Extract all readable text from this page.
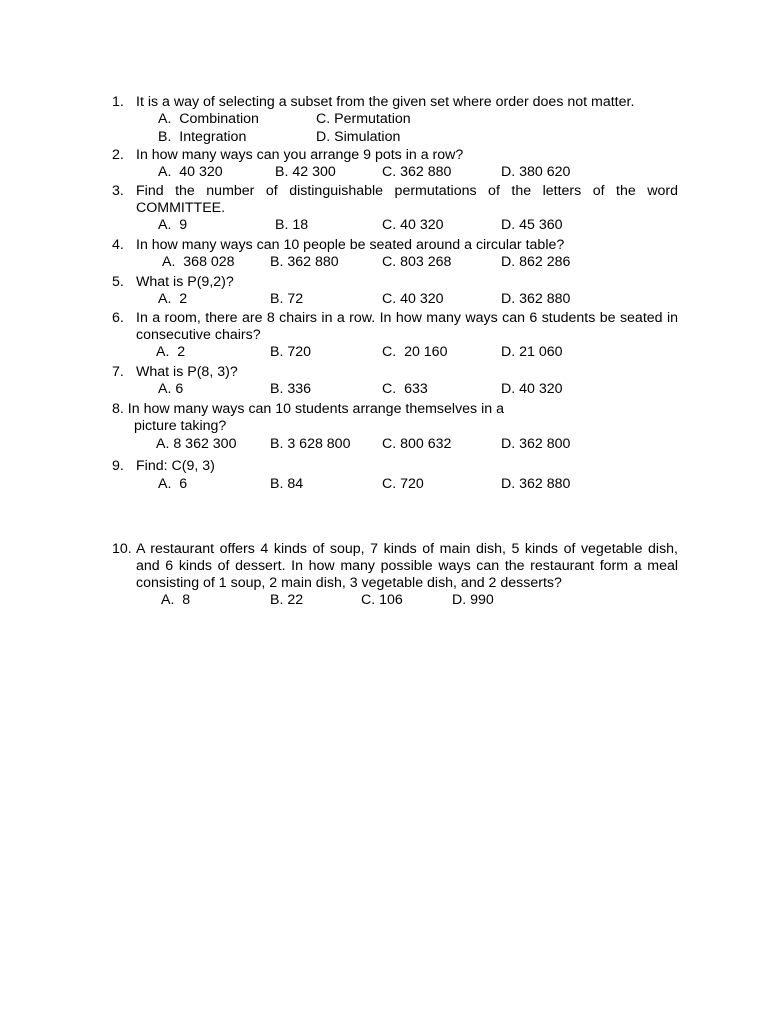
1. It is a way of selecting a subset from the given set where order does not matter.
A.  Combination	C. Permutation
B.  Integration	D. Simulation
2. In how many ways can you arrange 9 pots in a row?
A.  40 320	B. 42 300	C. 362 880	D. 380 620
3. Find the number of distinguishable permutations of the letters of the word COMMITTEE.
A.  9	B. 18	C. 40 320	D. 45 360
4. In how many ways can 10 people be seated around a circular table?
A.  368 028 B. 362 880	C. 803 268	D. 862 286
5. What is P(9,2)?
A.  2	B. 72	C. 40 320	D. 362 880
6. In a room, there are 8 chairs in a row. In how many ways can 6 students be seated in consecutive chairs?
A.  2	B. 720	C.  20 160	D. 21 060
7. What is P(8, 3)?
A. 6	B. 336	C.  633	D. 40 320
8. In how many ways can 10 students arrange themselves in a
picture taking?
A. 8 362 300 B. 3 628 800 C. 800 632	D. 362 800
9. Find: C(9, 3)
A.  6	B. 84	C. 720	D. 362 880
10. A restaurant offers 4 kinds of soup, 7 kinds of main dish, 5 kinds of vegetable dish, and 6 kinds of dessert. In how many possible ways can the restaurant form a meal consisting of 1 soup, 2 main dish, 3 vegetable dish, and 2 desserts?
A.  8	B. 22	C. 106	D. 990
